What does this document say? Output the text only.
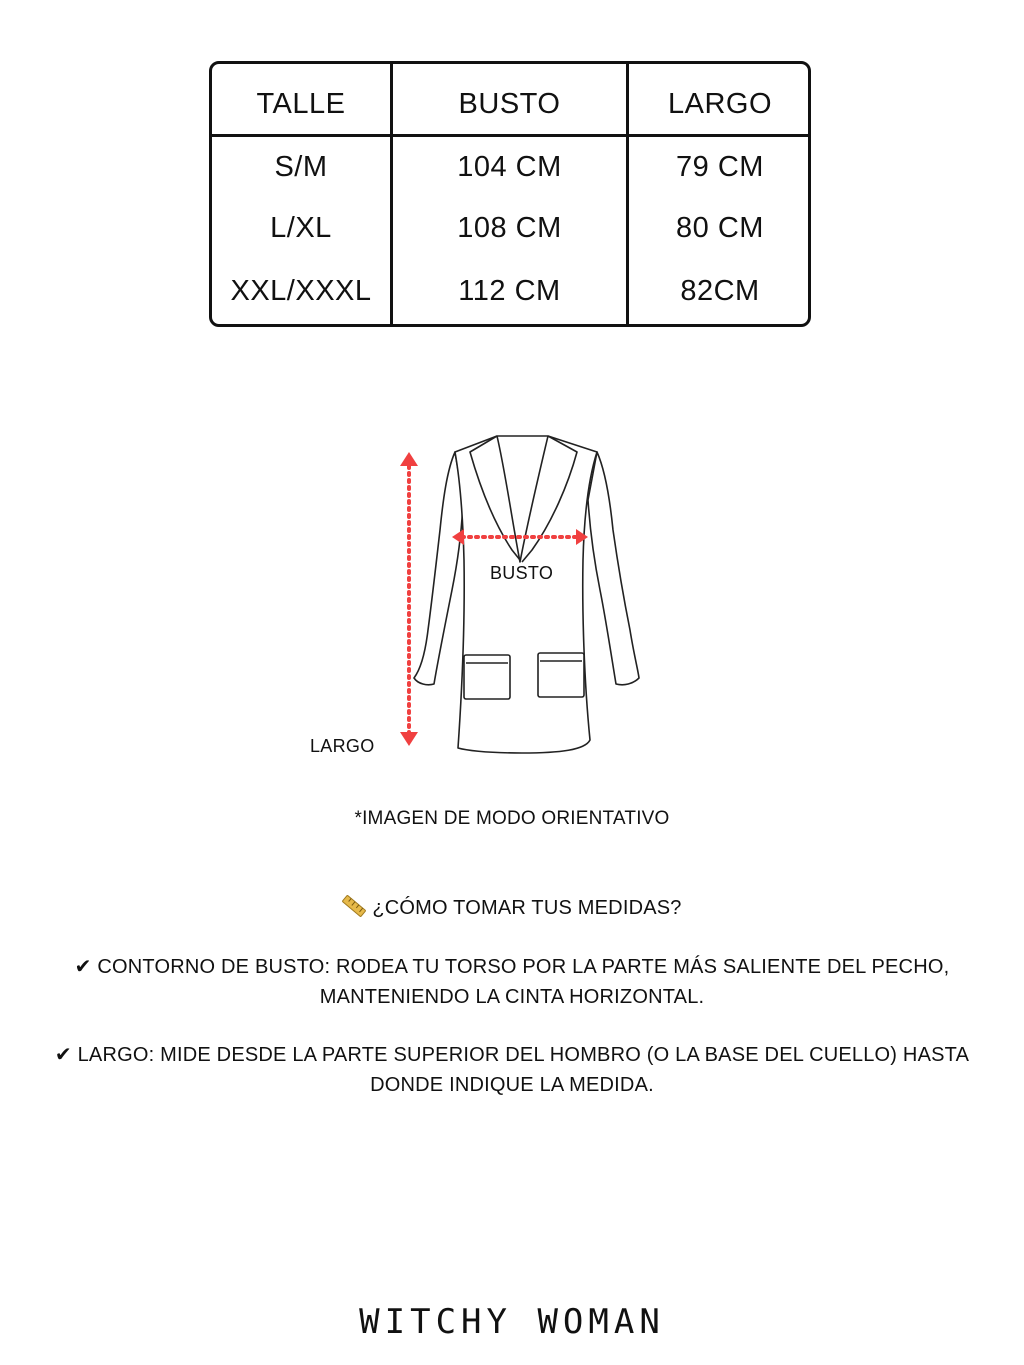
TALLE	BUSTO	LARGO
S/M	104 CM	79 CM
L/XL	108 CM	80 CM
XXL/XXXL	112 CM	82CM
BUSTO
LARGO
*IMAGEN DE MODO ORIENTATIVO
¿CÓMO TOMAR TUS MEDIDAS?
✔ CONTORNO DE BUSTO: RODEA TU TORSO POR LA PARTE MÁS SALIENTE DEL PECHO,
MANTENIENDO LA CINTA HORIZONTAL.
✔ LARGO: MIDE DESDE LA PARTE SUPERIOR DEL HOMBRO (O LA BASE DEL CUELLO) HASTA
DONDE INDIQUE LA MEDIDA.
WITCHY WOMAN
